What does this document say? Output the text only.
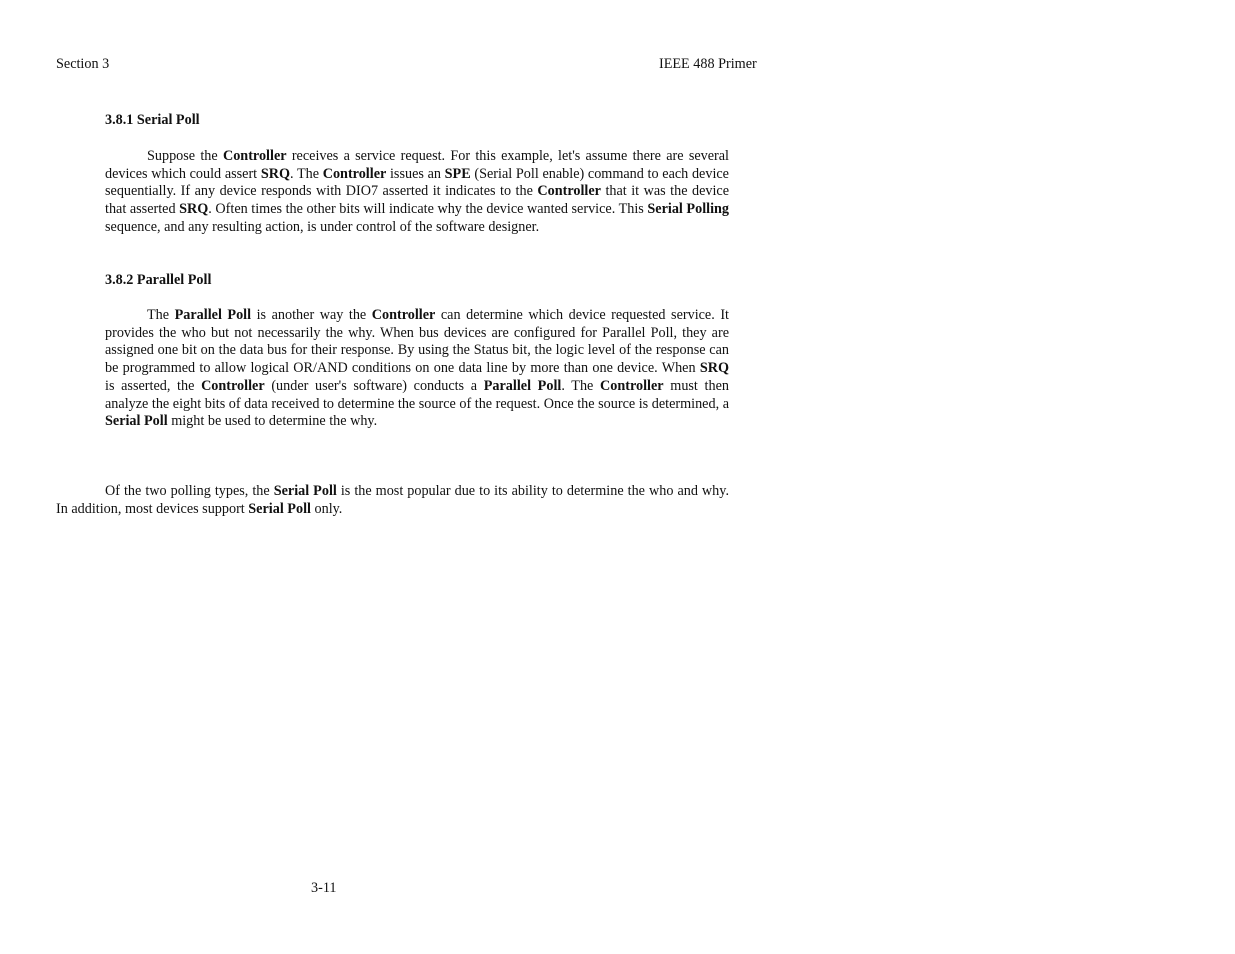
Section 3	IEEE 488 Primer
3.8.1 Serial Poll

Suppose the Controller receives a service request. For this example, let's assume there are several devices which could assert SRQ. The Controller issues an SPE (Serial Poll enable) command to each device sequentially. If any device responds with DIO7 asserted it indicates to the Controller that it was the device that asserted SRQ. Often times the other bits will indicate why the device wanted service. This Serial Polling sequence, and any resulting action, is under control of the software designer.

3.8.2 Parallel Poll

The Parallel Poll is another way the Controller can determine which device requested service. It provides the who but not necessarily the why. When bus devices are configured for Parallel Poll, they are assigned one bit on the data bus for their response. By using the Status bit, the logic level of the response can be programmed to allow logical OR/AND conditions on one data line by more than one device. When SRQ is asserted, the Controller (under user's software) conducts a Parallel Poll. The Controller must then analyze the eight bits of data received to determine the source of the request. Once the source is determined, a Serial Poll might be used to determine the why.

Of the two polling types, the Serial Poll is the most popular due to its ability to determine the who and why. In addition, most devices support Serial Poll only.

3-11
